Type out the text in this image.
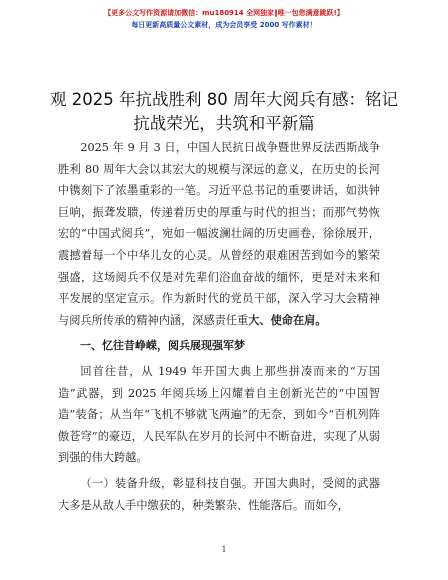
【更多公文写作资源请加微信：mu180914 全网独家‖唯一包您满意跳跃!】
每日更新高质量公文素材，成为会员享受 2000 写作素材！
观 2025 年抗战胜利 80 周年大阅兵有感：铭记抗战荣光，共筑和平新篇

2025 年 9 月 3 日，中国人民抗日战争暨世界反法西斯战争胜利 80 周年大会以其宏大的规模与深远的意义，在历史的长河中镌刻下了浓墨重彩的一笔。习近平总书记的重要讲话，如洪钟巨响，振聋发聩，传递着历史的厚重与时代的担当；而那气势恢宏的“中国式阅兵”，宛如一幅波澜壮阔的历史画卷，徐徐展开，震撼着每一个中华儿女的心灵。从曾经的艰难困苦到如今的繁荣强盛，这场阅兵不仅是对先辈们浴血奋战的缅怀，更是对未来和平发展的坚定宣示。作为新时代的党员干部，深入学习大会精神与阅兵所传承的精神内涵，深感责任重大、使命在肩。

一、忆往昔峥嵘，阅兵展现强军梦

回首往昔，从 1949 年开国大典上那些拼凑而来的“万国造”武器，到 2025 年阅兵场上闪耀着自主创新光芒的“中国智造”装备；从当年“飞机不够就飞两遍”的无奈，到如今“百机列阵傲苍穹”的豪迈，人民军队在岁月的长河中不断奋进，实现了从弱到强的伟大跨越。

（一）装备升级，彰显科技自强。开国大典时，受阅的武器大多是从敌人手中缴获的，种类繁杂、性能落后。而如今，

1
